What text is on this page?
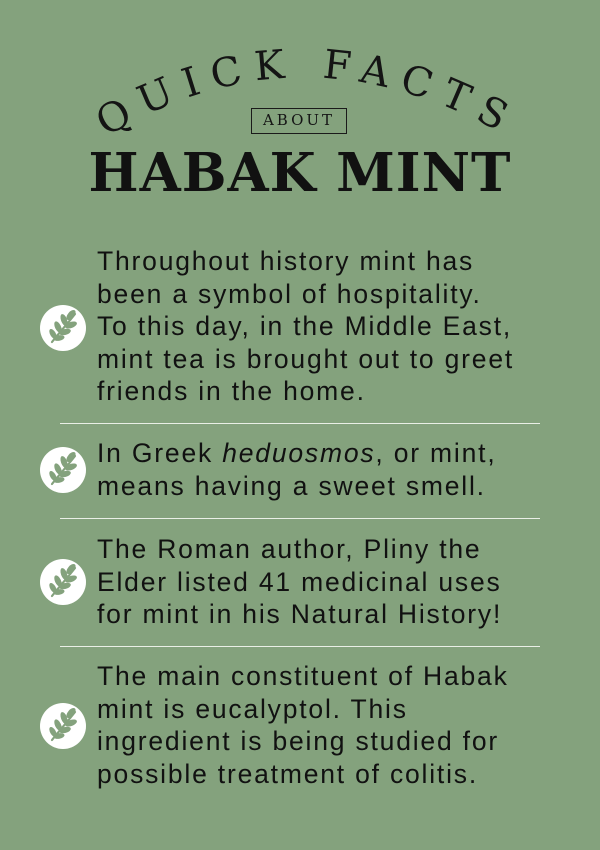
QUICK FACTS
ABOUT
HABAK MINT
Throughout history mint has
been a symbol of hospitality.
To this day, in the Middle East,
mint tea is brought out to greet
friends in the home.
In Greek heduosmos, or mint,
means having a sweet smell.
The Roman author, Pliny the
Elder listed 41 medicinal uses
for mint in his Natural History!
The main constituent of Habak
mint is eucalyptol. This
ingredient is being studied for
possible treatment of colitis.
